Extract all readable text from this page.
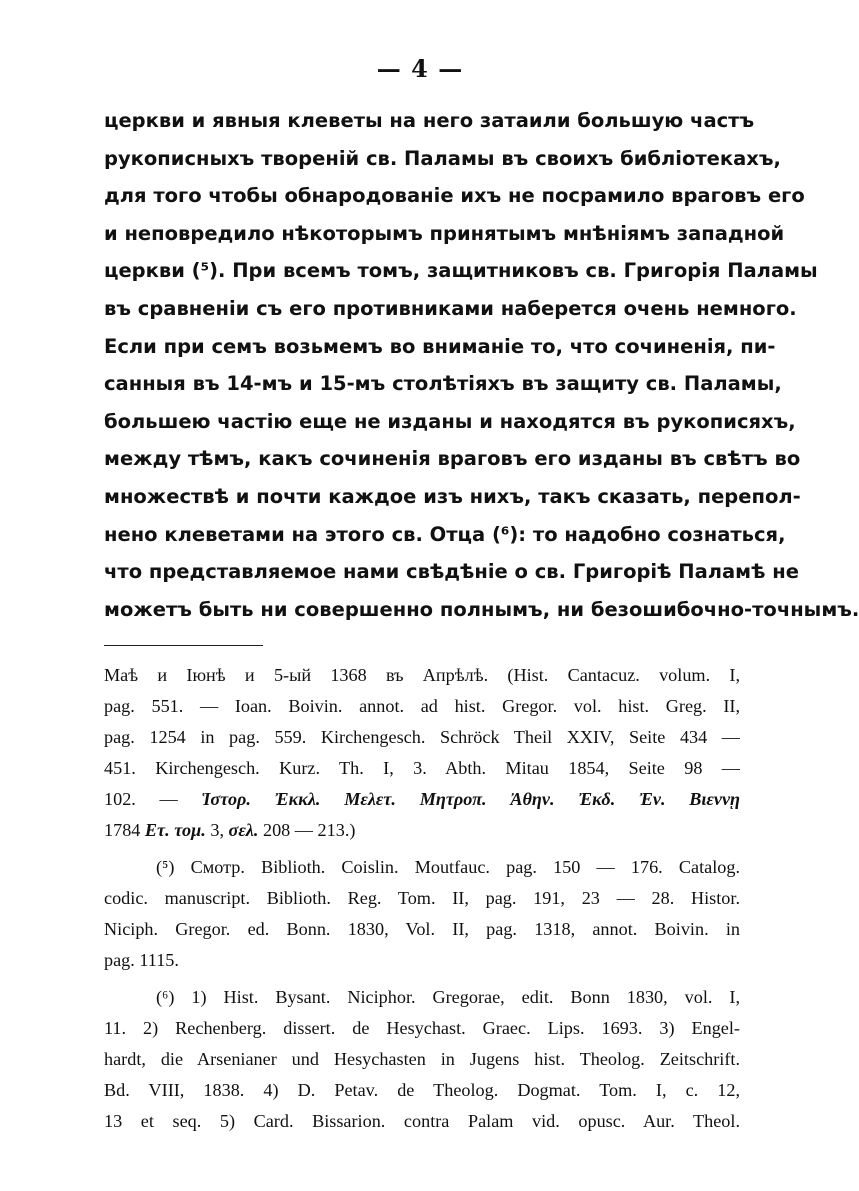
— 4 —
церкви и явныя клеветы на него затаили большую частъ
рукописныхъ творенiй св. Паламы въ своихъ библiотекахъ,
для того чтобы обнародованiе ихъ не посрамило враговъ его
и неповредило нѣкоторымъ принятымъ мнѣнiямъ западной
церкви (⁵). При всемъ томъ, защитниковъ св. Григорiя Паламы
въ сравненiи съ его противниками наберется очень немного.
Если при семъ возьмемъ во вниманiе то, что сочиненiя, пи-
санныя въ 14-мъ и 15-мъ столѣтiяхъ въ защиту св. Паламы,
большею частiю еще не изданы и находятся въ рукописяхъ,
между тѣмъ, какъ сочиненiя враговъ его изданы въ свѣтъ во
множествѣ и почти каждое изъ нихъ, такъ сказать, перепол-
нено клеветами на этого св. Отца (⁶): то надобно сознаться,
что представляемое нами свѣдѣнiе о св. Григорiѣ Паламѣ не
можетъ быть ни совершенно полнымъ, ни безошибочно-точнымъ.
Маѣ и Iюнѣ и 5-ый 1368 въ Апрѣлѣ. (Hist. Cantacuz. volum. I,
pag. 551. — Ioan. Boivin. annot. ad hist. Gregor. vol. hist. Greg. II,
pag. 1254 in pag. 559. Kirchengesch. Schröck Theil XXIV, Seite 434 —
451. Kirchengesch. Kurz. Th. I, 3. Abth. Mitau 1854, Seite 98 —
102. — Ἱστορ. Ἐκκλ. Μελετ. Μητροπ. Ἀθην. Ἐκδ. Ἐν. Βιεννῃ
1784 Ετ. τομ. 3, σελ. 208 — 213.)
(⁵) Смотр. Biblioth. Coislin. Moutfauc. pag. 150 — 176. Catalog.
codic. manuscript. Biblioth. Reg. Tom. II, pag. 191, 23 — 28. Histor.
Niciph. Gregor. ed. Bonn. 1830, Vol. II, pag. 1318, annot. Boivin. in
pag. 1115.
(⁶) 1) Hist. Bysant. Niciphor. Gregorae, edit. Bonn 1830, vol. I,
11. 2) Rechenberg. dissert. de Hesychast. Graec. Lips. 1693. 3) Engel-
hardt, die Arsenianer und Hesychasten in Jugens hist. Theolog. Zeitschrift.
Bd. VIII, 1838. 4) D. Petav. de Theolog. Dogmat. Tom. I, c. 12,
13 et seq. 5) Card. Bissarion. contra Palam vid. opusc. Aur. Theol.
